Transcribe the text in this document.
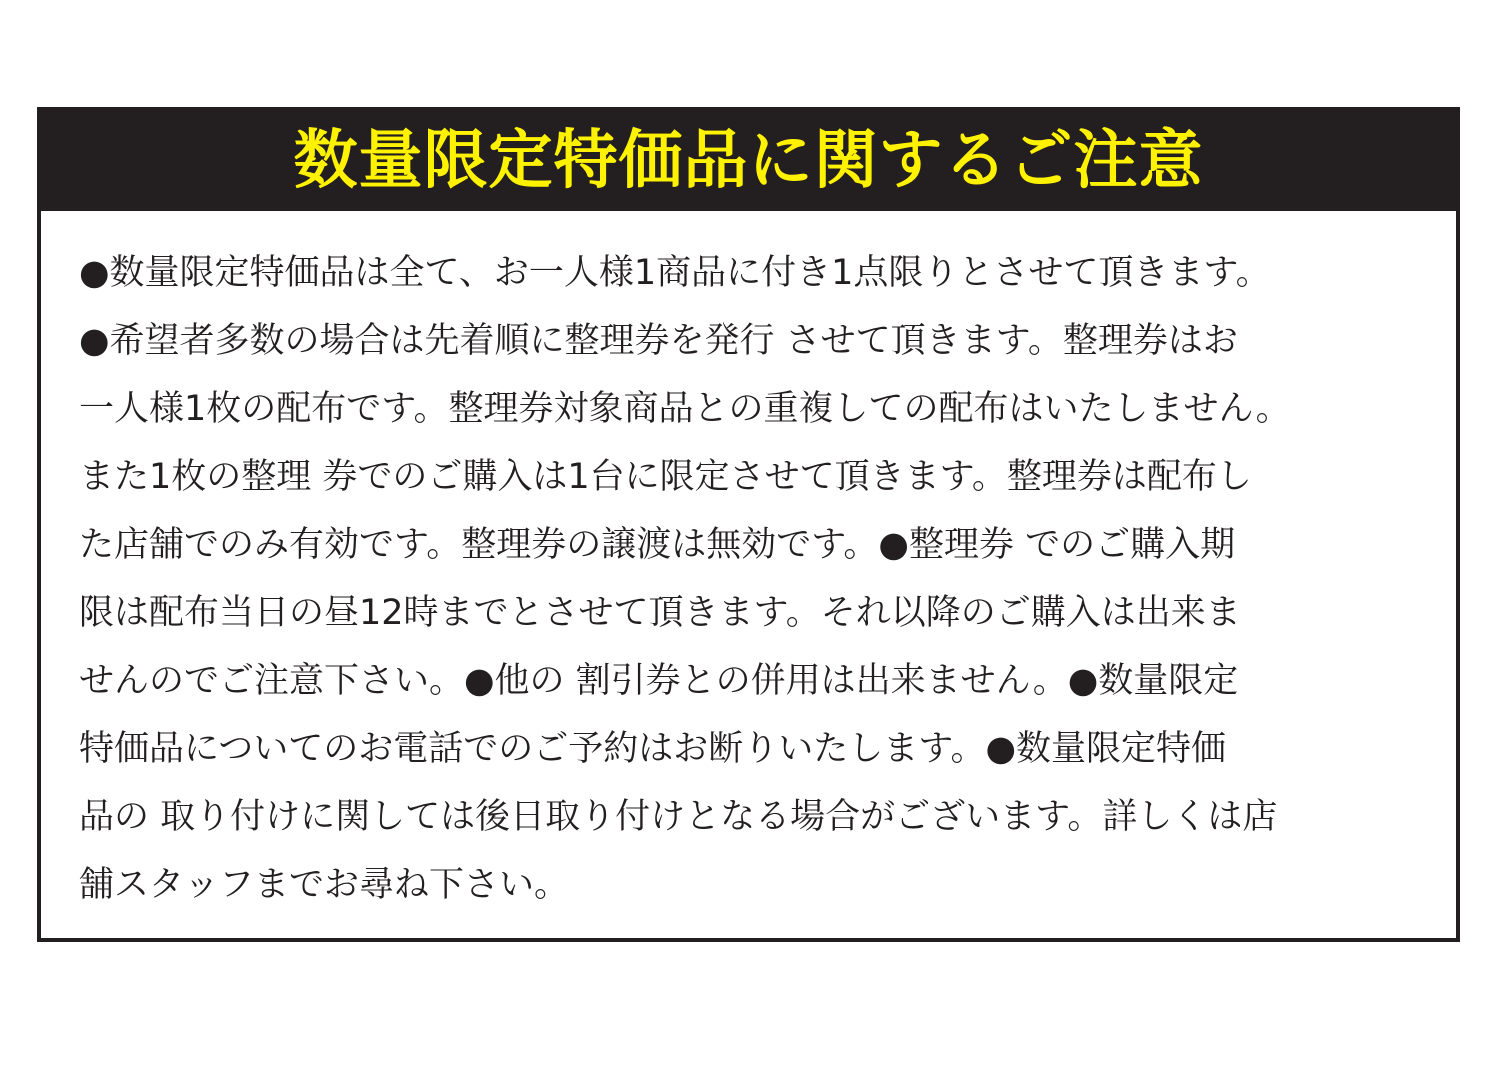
数量限定特価品に関するご注意
●数量限定特価品は全て、お一人様1商品に付き1点限りとさせて頂きます。
●希望者多数の場合は先着順に整理券を発行 させて頂きます。整理券はお
一人様1枚の配布です。整理券対象商品との重複しての配布はいたしません。
また1枚の整理 券でのご購入は1台に限定させて頂きます。整理券は配布し
た店舗でのみ有効です。整理券の譲渡は無効です。●整理券 でのご購入期
限は配布当日の昼12時までとさせて頂きます。それ以降のご購入は出来ま
せんのでご注意下さい。●他の 割引券との併用は出来ません。●数量限定
特価品についてのお電話でのご予約はお断りいたします。●数量限定特価
品の 取り付けに関しては後日取り付けとなる場合がございます。詳しくは店
舗スタッフまでお尋ね下さい。
